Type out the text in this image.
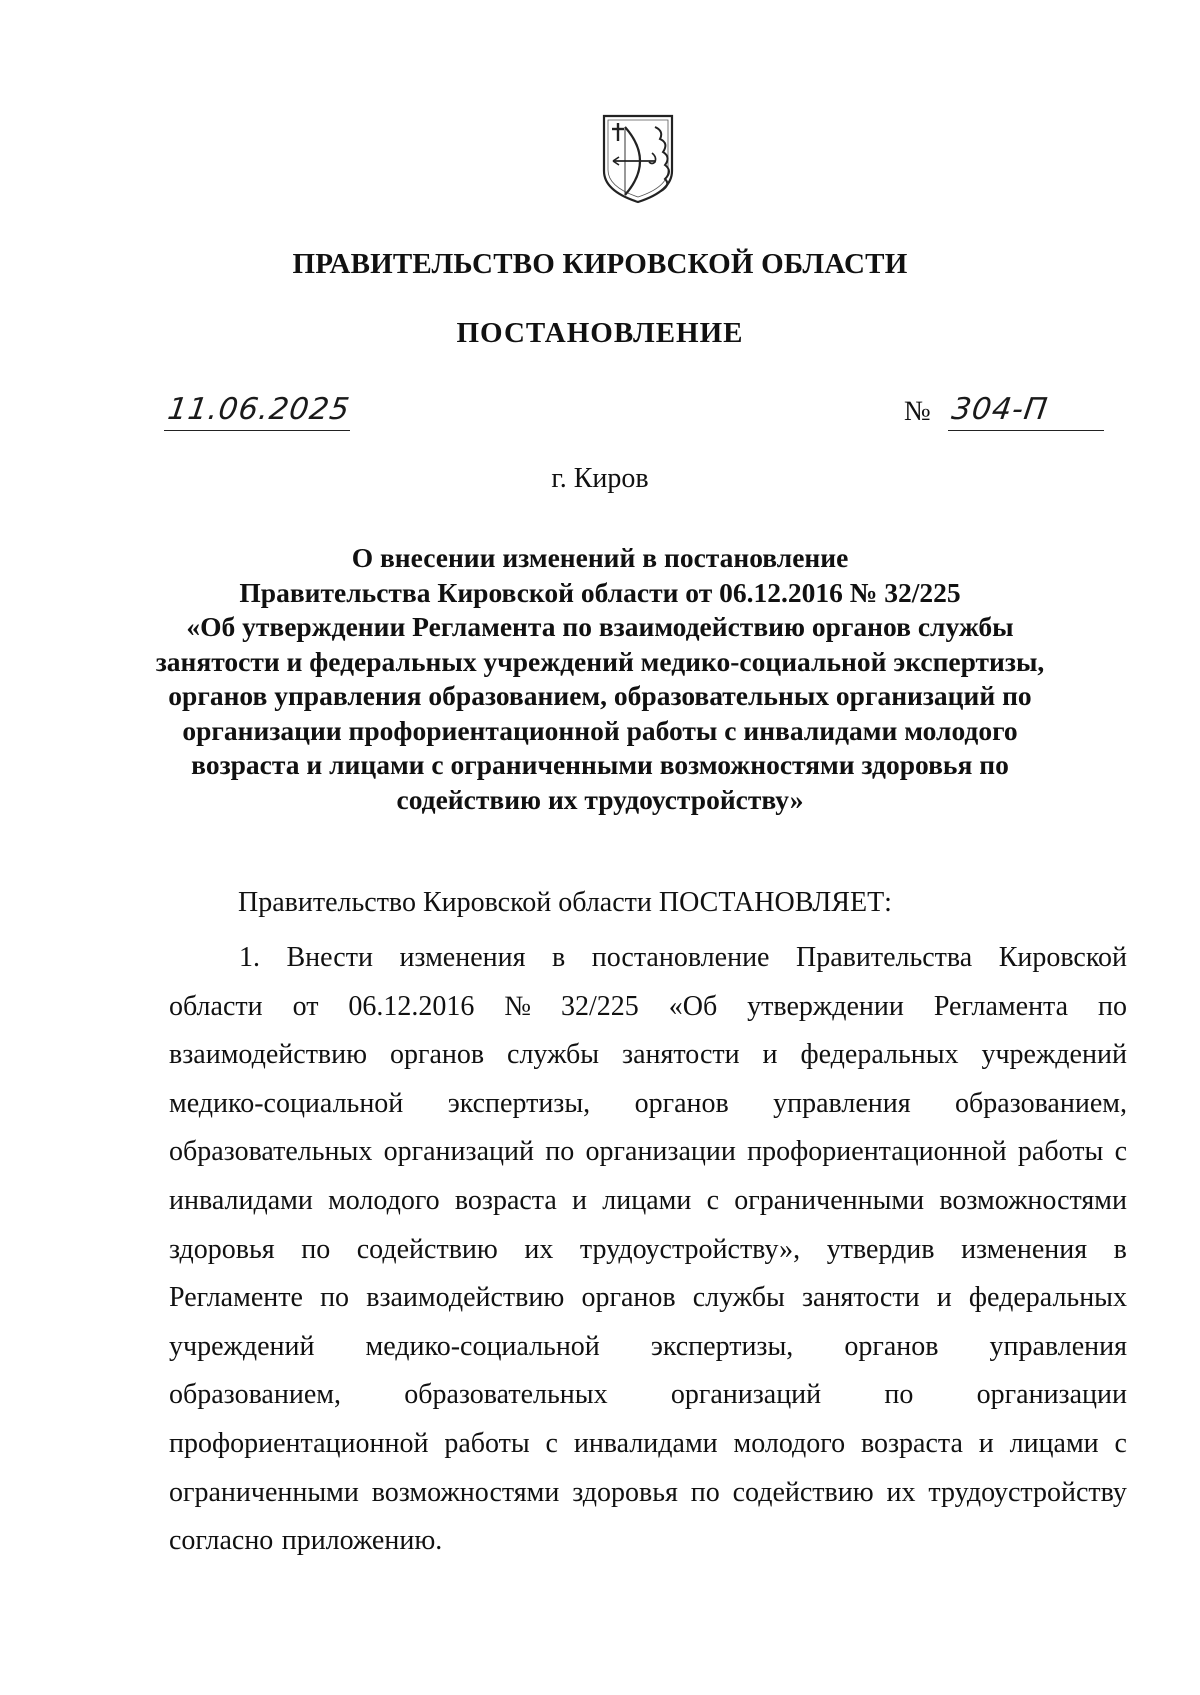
ПРАВИТЕЛЬСТВО КИРОВСКОЙ ОБЛАСТИ
ПОСТАНОВЛЕНИЕ
11.06.2025	№ 304-П
г. Киров
О внесении изменений в постановление
Правительства Кировской области от 06.12.2016 № 32/225
«Об утверждении Регламента по взаимодействию органов службы
занятости и федеральных учреждений медико-социальной экспертизы,
органов управления образованием, образовательных организаций по
организации профориентационной работы с инвалидами молодого
возраста и лицами с ограниченными возможностями здоровья по
содействию их трудоустройству»
Правительство Кировской области ПОСТАНОВЛЯЕТ:
1. Внести изменения в постановление Правительства Кировской
области от 06.12.2016 № 32/225 «Об утверждении Регламента по
взаимодействию органов службы занятости и федеральных учреждений
медико-социальной экспертизы, органов управления образованием,
образовательных организаций по организации профориентационной работы с
инвалидами молодого возраста и лицами с ограниченными возможностями
здоровья по содействию их трудоустройству», утвердив изменения в
Регламенте по взаимодействию органов службы занятости и федеральных
учреждений медико-социальной экспертизы, органов управления
образованием, образовательных организаций по организации
профориентационной работы с инвалидами молодого возраста и лицами с
ограниченными возможностями здоровья по содействию их трудоустройству
согласно приложению.
